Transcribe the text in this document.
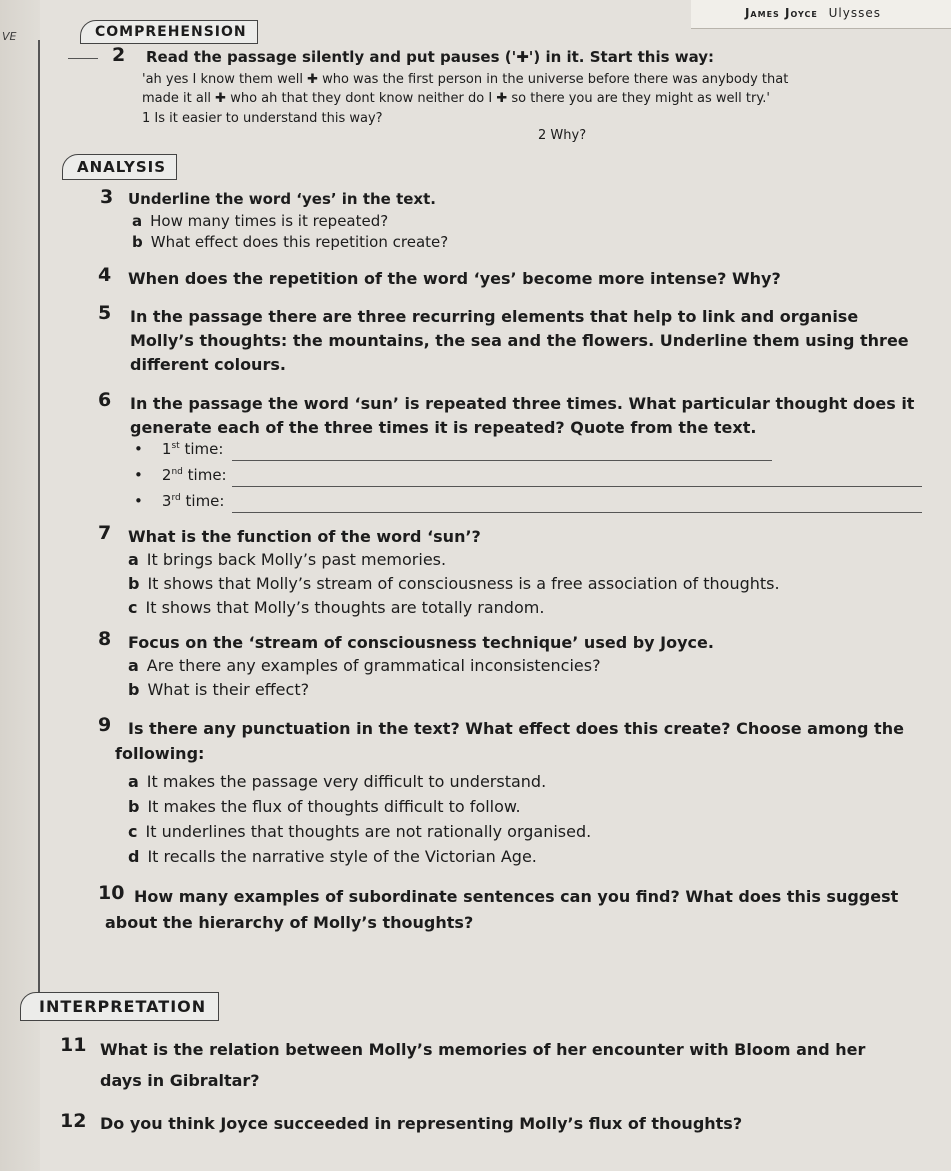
VE
James Joyce Ulysses
COMPREHENSION
2 Read the passage silently and put pauses ('✚') in it. Start this way:
'ah yes I know them well ✚ who was the first person in the universe before there was anybody that
made it all ✚ who ah that they dont know neither do I ✚ so there you are they might as well try.'
1 Is it easier to understand this way?
2 Why?
ANALYSIS
3 Underline the word ‘yes’ in the text.
a How many times is it repeated?
b What effect does this repetition create?
4 When does the repetition of the word ‘yes’ become more intense? Why?
5 In the passage there are three recurring elements that help to link and organise
Molly’s thoughts: the mountains, the sea and the flowers. Underline them using three
different colours.
6 In the passage the word ‘sun’ is repeated three times. What particular thought does it
generate each of the three times it is repeated? Quote from the text.
•    1st time:
•    2nd time:
•    3rd time:
7 What is the function of the word ‘sun’?
a It brings back Molly’s past memories.
b It shows that Molly’s stream of consciousness is a free association of thoughts.
c It shows that Molly’s thoughts are totally random.
8 Focus on the ‘stream of consciousness technique’ used by Joyce.
a Are there any examples of grammatical inconsistencies?
b What is their effect?
9 Is there any punctuation in the text? What effect does this create? Choose among the
following:
a It makes the passage very difficult to understand.
b It makes the flux of thoughts difficult to follow.
c It underlines that thoughts are not rationally organised.
d It recalls the narrative style of the Victorian Age.
10 How many examples of subordinate sentences can you find? What does this suggest
about the hierarchy of Molly’s thoughts?
INTERPRETATION
11 What is the relation between Molly’s memories of her encounter with Bloom and her
days in Gibraltar?
12 Do you think Joyce succeeded in representing Molly’s flux of thoughts?
